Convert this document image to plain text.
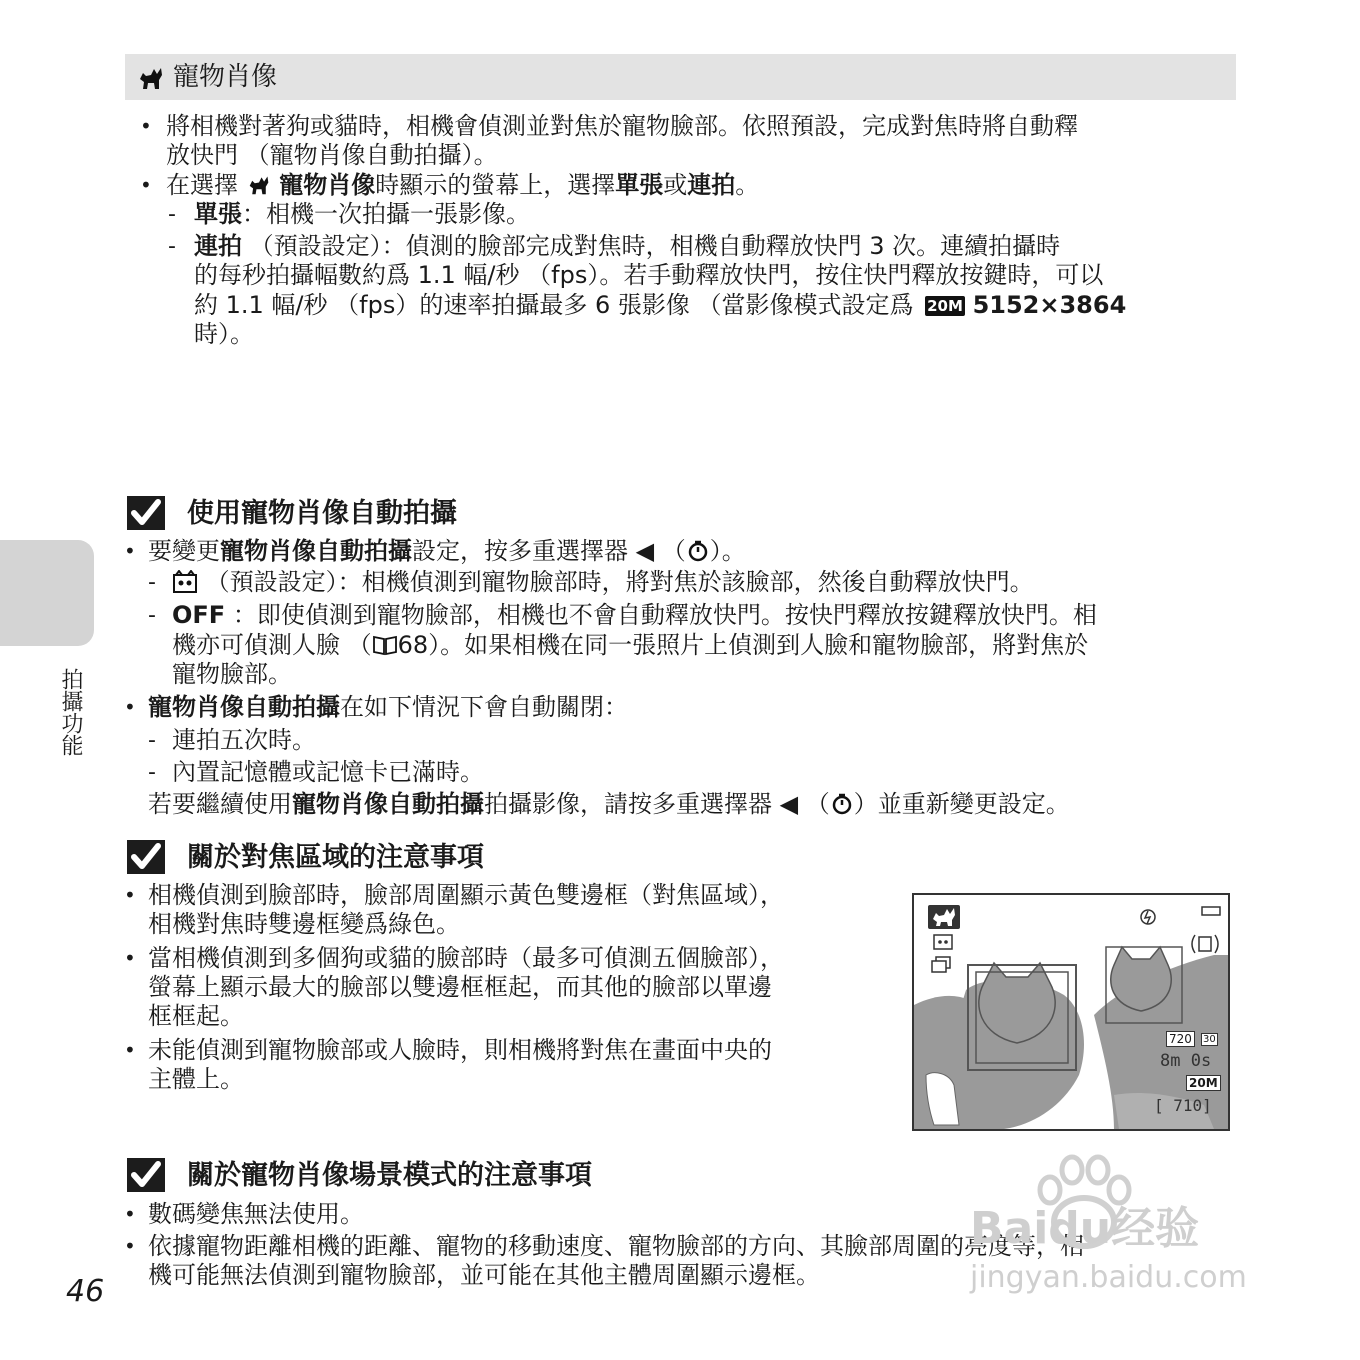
寵物肖像
• 將相機對著狗或貓時，相機會偵測並對焦於寵物臉部。依照預設，完成對焦時將自動釋
放快門 （寵物肖像自動拍攝）。
• 在選擇 寵物肖像時顯示的螢幕上，選擇單張或連拍。
- 單張：相機一次拍攝一張影像。
- 連拍 （預設設定）：偵測的臉部完成對焦時，相機自動釋放快門 3 次。連續拍攝時
的每秒拍攝幅數約爲 1.1 幅/秒 （fps）。若手動釋放快門，按住快門釋放按鍵時，可以
約 1.1 幅/秒 （fps）的速率拍攝最多 6 張影像 （當影像模式設定爲 20M 5152×3864
時）。
使用寵物肖像自動拍攝
• 要變更寵物肖像自動拍攝設定，按多重選擇器 ◀ （ ）。
-	（預設設定）：相機偵測到寵物臉部時，將對焦於該臉部，然後自動釋放快門。
- OFF ：即使偵測到寵物臉部，相機也不會自動釋放快門。按快門釋放按鍵釋放快門。相
機亦可偵測人臉 （ 68）。如果相機在同一張照片上偵測到人臉和寵物臉部，將對焦於
寵物臉部。
• 寵物肖像自動拍攝在如下情況下會自動關閉：
- 連拍五次時。
- 內置記憶體或記憶卡已滿時。
若要繼續使用寵物肖像自動拍攝拍攝影像，請按多重選擇器 ◀ （ ）並重新變更設定。
關於對焦區域的注意事項
• 相機偵測到臉部時，臉部周圍顯示黃色雙邊框（對焦區域），
相機對焦時雙邊框變爲綠色。
• 當相機偵測到多個狗或貓的臉部時（最多可偵測五個臉部），
螢幕上顯示最大的臉部以雙邊框框起，而其他的臉部以單邊
框框起。
• 未能偵測到寵物臉部或人臉時，則相機將對焦在畫面中央的
主體上。
720	30
8m 0s
20M
[ 710]
關於寵物肖像場景模式的注意事項
• 數碼變焦無法使用。
• 依據寵物距離相機的距離、寵物的移動速度、寵物臉部的方向、其臉部周圍的亮度等，相
機可能無法偵測到寵物臉部，並可能在其他主體周圍顯示邊框。
拍攝功能
46
Baidu经验
jingyan.baidu.com
